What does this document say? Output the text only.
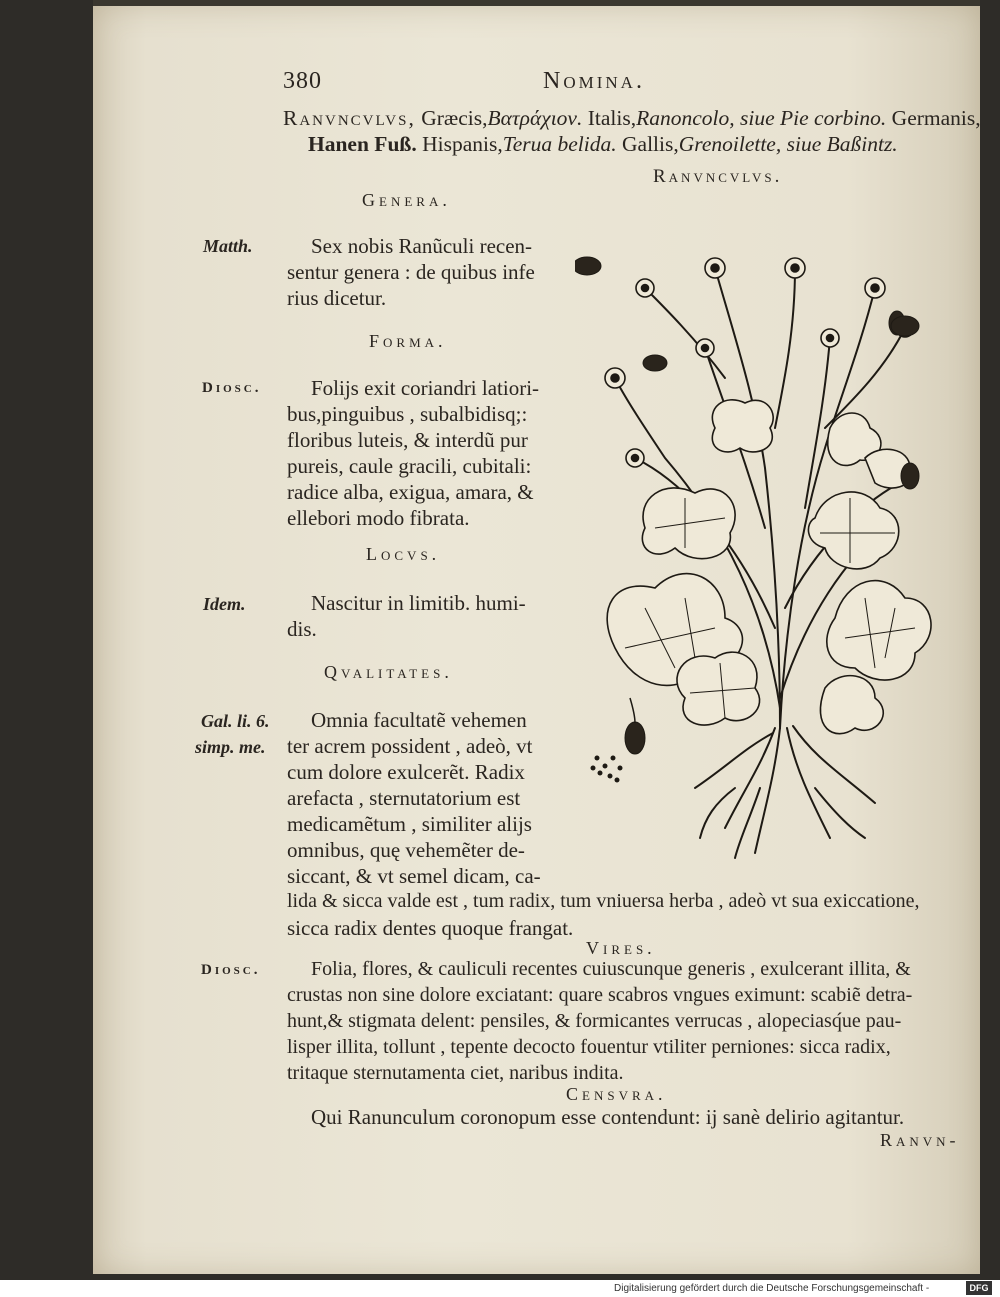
380	Nomina.
Ranvncvlvs, Græcis,Βατράχιον. Italis,Ranoncolo, siue Pie corbino. Germanis,
Hanen Fuß. Hispanis,Terua belida. Gallis,Grenoilette, siue Baßintz.
Ranvncvlvs.
Genera.
Matth.	Sex nobis Ranũculi recen-
sentur genera : de quibus infe
rius dicetur.
Forma.
Diosc. Folijs exit coriandri latiori-
bus,pinguibus , subalbidisq;:
floribus luteis, & interdũ pur
pureis, caule gracili, cubitali:
radice alba, exigua, amara, &
ellebori modo fibrata.
Locvs.
Idem.	Nascitur in limitib. humi-
dis.
Qvalitates.
Gal. li. 6.
simp. me.
Omnia facultatẽ vehemen
ter acrem possident , adeò, vt
cum dolore exulcerẽt. Radix
arefacta , sternutatorium est
medicamẽtum , similiter alijs
omnibus, quę vehemẽter de-
siccant, & vt semel dicam, ca-
lida & sicca valde est , tum radix, tum vniuersa herba , adeò vt sua exiccatione,
sicca radix dentes quoque frangat.
Vires.
Diosc.	Folia, flores, & cauliculi recentes cuiuscunque generis , exulcerant illita, &
crustas non sine dolore exciatant: quare scabros vngues eximunt: scabiẽ detra-
hunt,& stigmata delent: pensiles, & formicantes verrucas , alopeciasq́ue pau-
lisper illita, tollunt , tepente decocto fouentur vtiliter perniones: sicca radix,
tritaque sternutamenta ciet, naribus indita.
Censvra.
Qui Ranunculum coronopum esse contendunt: ij sanè delirio agitantur.
Ranvn-
Digitalisierung gefördert durch die Deutsche Forschungsgemeinschaft -	DFG
